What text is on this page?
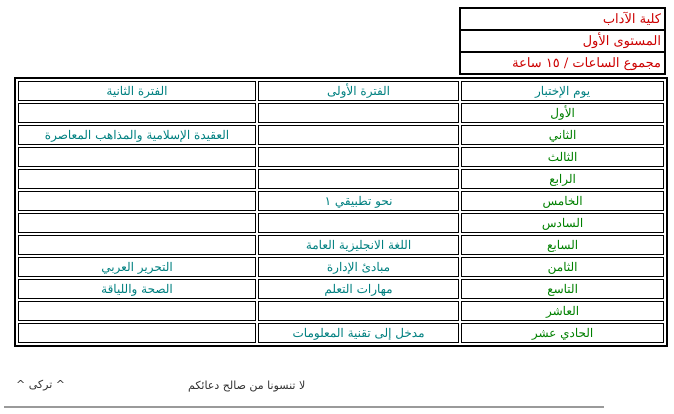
كلية الآداب
المستوى الأول
مجموع الساعات / ١٥ ساعة
الفترة الثانية	الفترة الأولى	يوم الإختبار
		الأول
العقيدة الإسلامية والمذاهب المعاصرة		الثاني
		الثالث
		الرابع
	نحو تطبيقي ١	الخامس
		السادس
	اللغة الانجليزية العامة	السابع
التحرير العربي	مبادئ الإدارة	الثامن
الصحة واللياقة	مهارات التعلم	التاسع
		العاشر
	مدخل إلى تقنية المعلومات	الحادي عشر
لا تنسونا من صالح دعائكم
^ ترکی ^
